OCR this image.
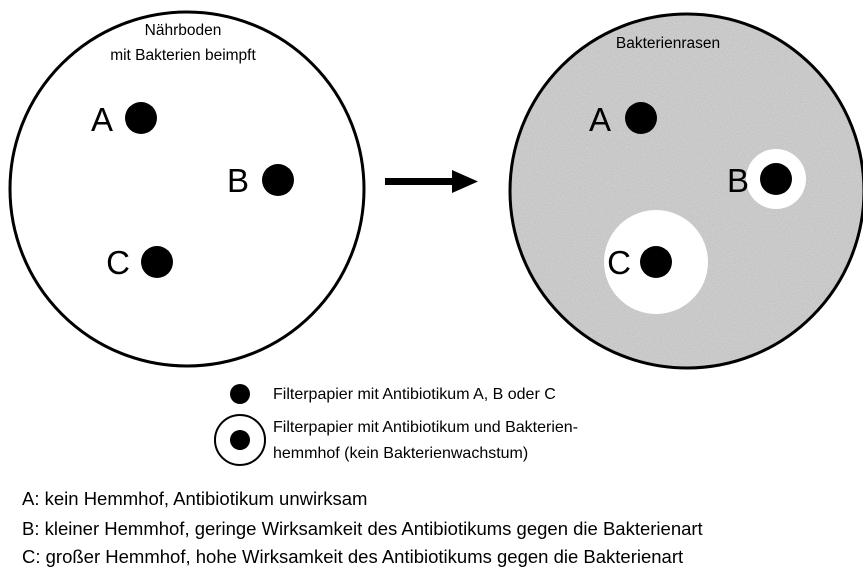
Nährboden
mit Bakterien beimpft
A
B
C
Bakterienrasen
A
B
C
Filterpapier mit Antibiotikum A, B oder C
Filterpapier mit Antibiotikum und Bakterien-
hemmhof (kein Bakterienwachstum)
A: kein Hemmhof, Antibiotikum unwirksam
B: kleiner Hemmhof, geringe Wirksamkeit des Antibiotikums gegen die Bakterienart
C: großer Hemmhof, hohe Wirksamkeit des Antibiotikums gegen die Bakterienart
